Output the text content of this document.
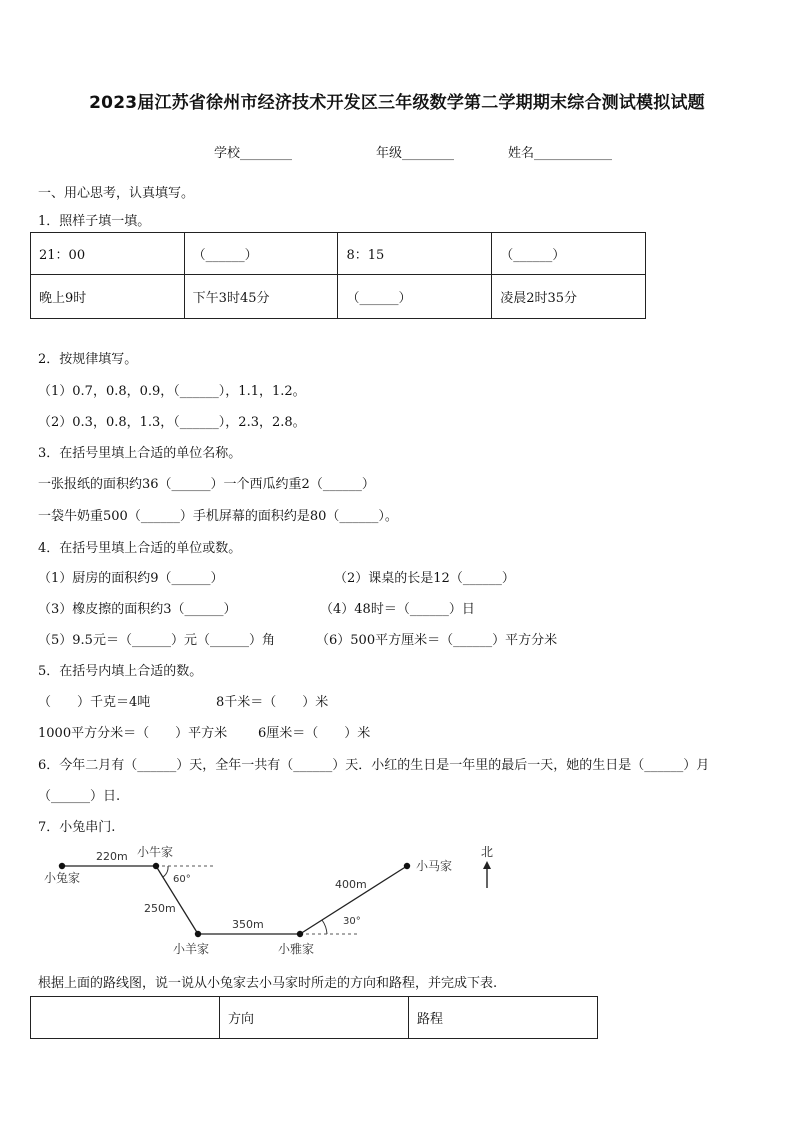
2023届江苏省徐州市经济技术开发区三年级数学第二学期期末综合测试模拟试题
学校________	年级________	姓名____________
一、用心思考，认真填写。
1．照样子填一填。
21：00	（______）	8：15	（______）
晚上9时	下午3时45分	（______）	凌晨2时35分
2．按规律填写。
（1）0.7，0.8，0.9，（______），1.1，1.2。
（2）0.3，0.8，1.3，（______），2.3，2.8。
3．在括号里填上合适的单位名称。
一张报纸的面积约36（______）一个西瓜约重2（______）
一袋牛奶重500（______）手机屏幕的面积约是80（______）。
4．在括号里填上合适的单位或数。
（1）厨房的面积约9（______）	（2）课桌的长是12（______）
（3）橡皮擦的面积约3（______）	（4）48时＝（______）日
（5）9.5元＝（______）元（______）角	（6）500平方厘米＝（______）平方分米
5．在括号内填上合适的数。
（　　）千克＝4吨	8千米＝（　　）米
1000平方分米＝（　　）平方米 6厘米＝（　　）米
6．今年二月有（______）天，全年一共有（______）天．小红的生日是一年里的最后一天，她的生日是（______）月
（______）日.
7．小兔串门.
小兔家
小牛家
小羊家	小雅家
小马家
220m
250m
350m
400m
60°
30°
北
根据上面的路线图，说一说从小兔家去小马家时所走的方向和路程，并完成下表.
	方向	路程
